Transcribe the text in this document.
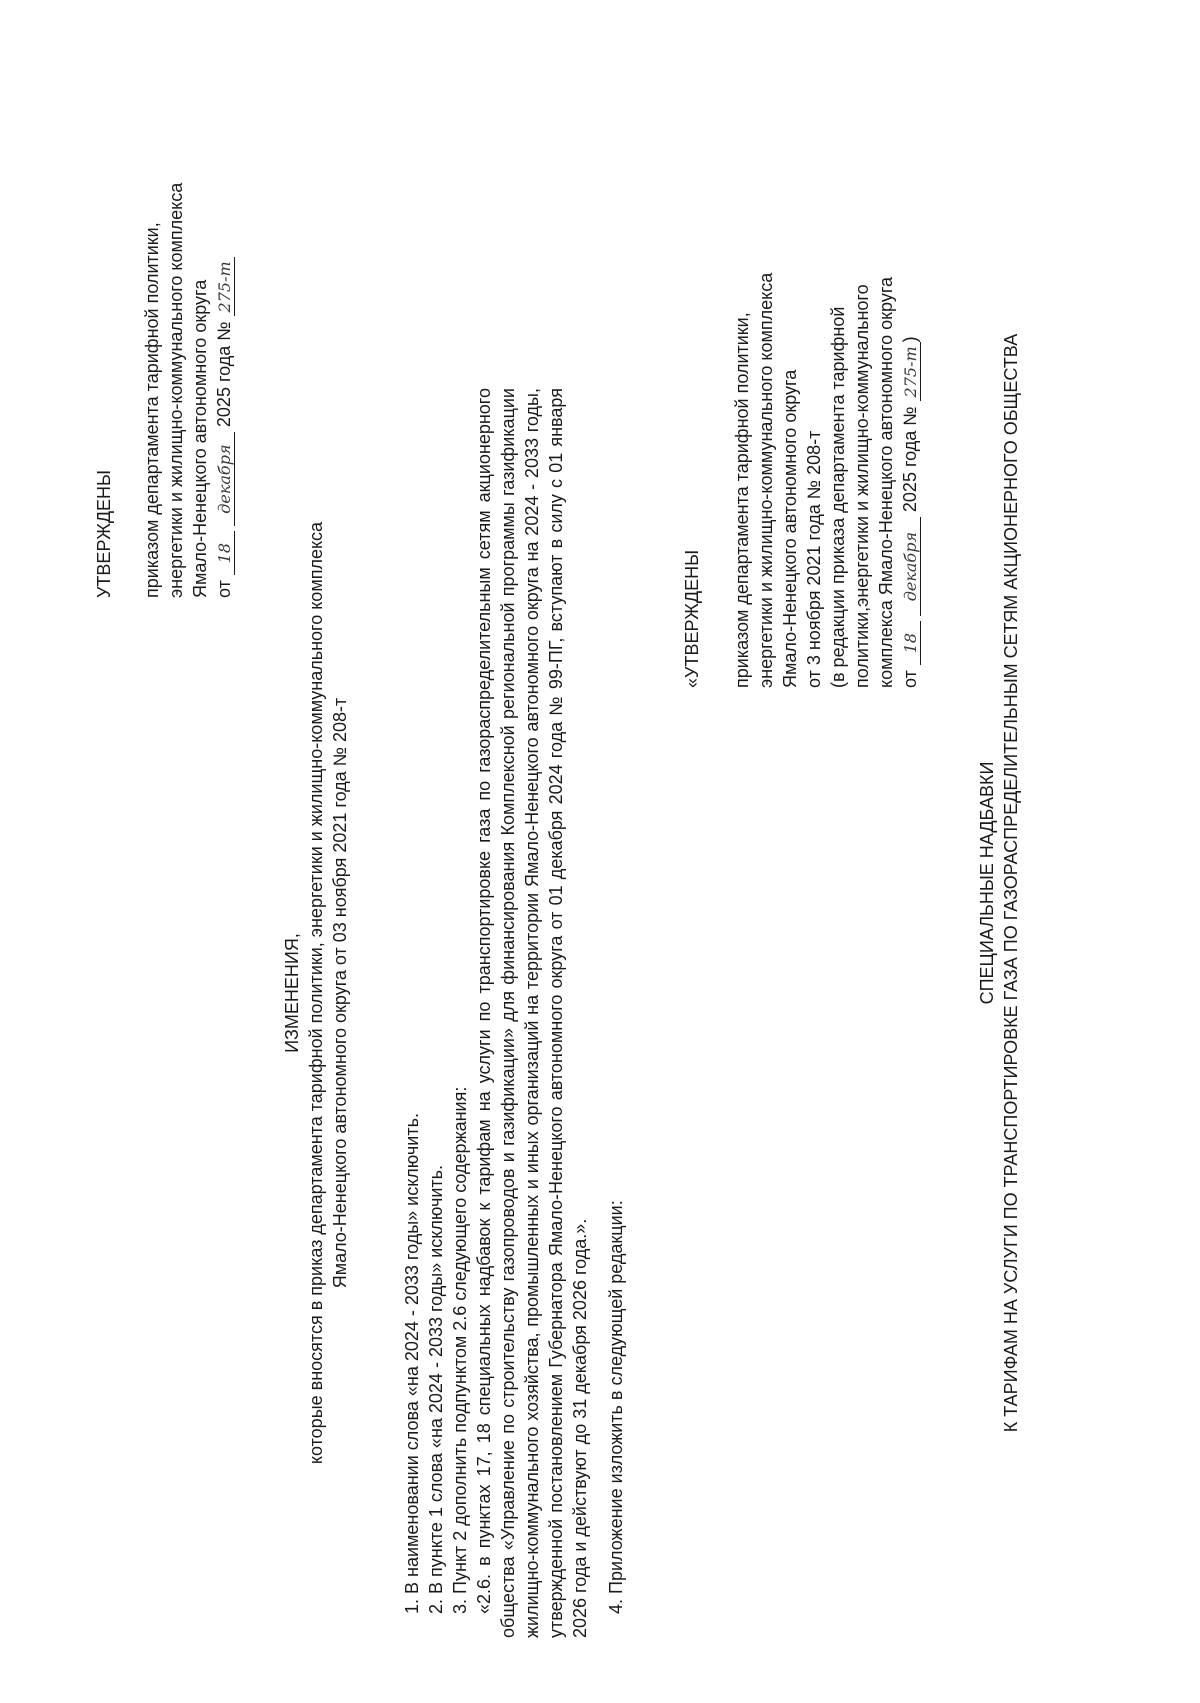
УТВЕРЖДЕНЫ приказом департамента тарифной политики, энергетики и жилищно-коммунального комплекса Ямало-Ненецкого автономного округа от 18 декабря 2025 года № 275-т
ИЗМЕНЕНИЯ, которые вносятся в приказ департамента тарифной политики, энергетики и жилищно-коммунального комплекса Ямало-Ненецкого автономного округа от 03 ноября 2021 года № 208-т
1. В наименовании слова «на 2024 - 2033 годы» исключить. 2. В пункте 1 слова «на 2024 - 2033 годы» исключить. 3. Пункт 2 дополнить подпунктом 2.6 следующего содержания: «2.6. в пунктах 17, 18 специальных надбавок к тарифам на услуги по транспортировке газа по газораспределительным сетям акционерного общества «Управление по строительству газопроводов и газификации» для финансирования Комплексной региональной программы газификации жилищно-коммунального хозяйства, промышленных и иных организаций на территории Ямало-Ненецкого автономного округа на 2024 - 2033 годы, утвержденной постановлением Губернатора Ямало-Ненецкого автономного округа от 01 декабря 2024 года № 99-ПГ, вступают в силу с 01 января 2026 года и действуют до 31 декабря 2026 года.». 4. Приложение изложить в следующей редакции:

«УТВЕРЖДЕНЫ приказом департамента тарифной политики, энергетики и жилищно-коммунального комплекса Ямало-Ненецкого автономного округа от 3 ноября 2021 года № 208-т (в редакции приказа департамента тарифной политики,энергетики и жилищно-коммунального комплекса Ямало-Ненецкого автономного округа от 18 декабря 2025 года № 275-т)
СПЕЦИАЛЬНЫЕ НАДБАВКИ К ТАРИФАМ НА УСЛУГИ ПО ТРАНСПОРТИРОВКЕ ГАЗА ПО ГАЗОРАСПРЕДЕЛИТЕЛЬНЫМ СЕТЯМ АКЦИОНЕРНОГО ОБЩЕСТВА
